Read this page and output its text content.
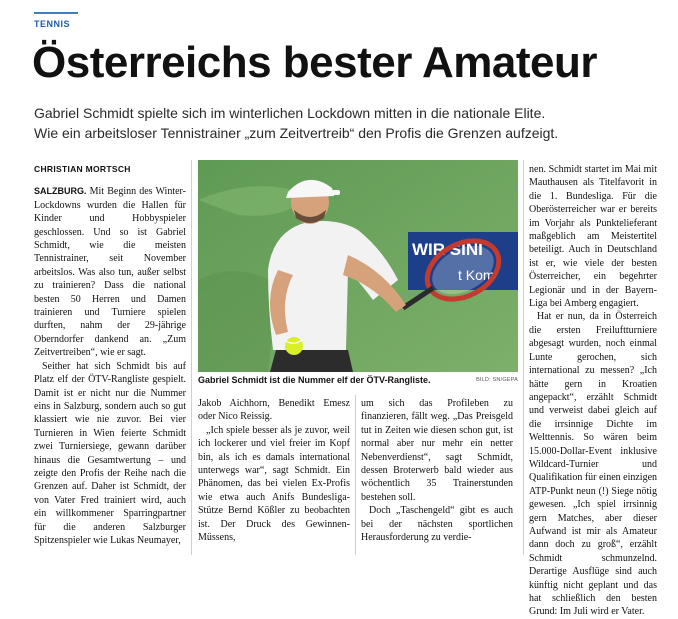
TENNIS
Österreichs bester Amateur
Gabriel Schmidt spielte sich im winterlichen Lockdown mitten in die nationale Elite.
Wie ein arbeitsloser Tennistrainer „zum Zeitvertreib“ den Profis die Grenzen aufzeigt.
CHRISTIAN MORTSCH

SALZBURG. Mit Beginn des Winter-Lockdowns wurden die Hallen für Kinder und Hobbyspieler geschlossen. Und so ist Gabriel Schmidt, wie die meisten Tennistrainer, seit November arbeitslos. Was also tun, außer selbst zu trainieren? Dass die national besten 50 Herren und Damen trainieren und Turniere spielen durften, nahm der 29-jährige Oberndorfer dankend an. „Zum Zeitvertreiben“, wie er sagt.

Seither hat sich Schmidt bis auf Platz elf der ÖTV-Rangliste gespielt. Damit ist er nicht nur die Nummer eins in Salzburg, sondern auch so gut klassiert wie nie zuvor. Bei vier Turnieren in Wien feierte Schmidt zwei Turniersiege, gewann darüber hinaus die Gesamtwertung – und zeigte den Profis der Reihe nach die Grenzen auf. Daher ist Schmidt, der von Vater Fred trainiert wird, auch ein willkommener Sparringpartner für die anderen Salzburger Spitzenspieler wie Lukas Neumayer,

WIR SINI
t Kom
Gabriel Schmidt ist die Nummer elf der ÖTV-Rangliste.	BILD: SN/GEPA

Jakob Aichhorn, Benedikt Emesz oder Nico Reissig.

„Ich spiele besser als je zuvor, weil ich lockerer und viel freier im Kopf bin, als ich es damals international unterwegs war“, sagt Schmidt. Ein Phänomen, das bei vielen Ex-Profis wie etwa auch Anifs Bundesliga-Stütze Bernd Kößler zu beobachten ist. Der Druck des Gewinnen-Müssens,

um sich das Profileben zu finanzieren, fällt weg. „Das Preisgeld tut in Zeiten wie diesen schon gut, ist normal aber nur mehr ein netter Nebenverdienst“, sagt Schmidt, dessen Broterwerb bald wieder aus wöchentlich 35 Trainerstunden bestehen soll.

Doch „Taschengeld“ gibt es auch bei der nächsten sportlichen Herausforderung zu verdie-

nen. Schmidt startet im Mai mit Mauthausen als Titelfavorit in die 1. Bundesliga. Für die Oberösterreicher war er bereits im Vorjahr als Punktelieferant maßgeblich am Meistertitel beteiligt. Auch in Deutschland ist er, wie viele der besten Österreicher, ein begehrter Legionär und in der Bayern-Liga bei Amberg engagiert.

Hat er nun, da in Österreich die ersten Freiluftturniere abgesagt wurden, noch einmal Lunte gerochen, sich international zu messen? „Ich hätte gern in Kroatien angepackt“, erzählt Schmidt und verweist dabei gleich auf die irrsinnige Dichte im Welttennis. So wären beim 15.000-Dollar-Event inklusive Wildcard-Turnier und Qualifikation für einen einzigen ATP-Punkt neun (!) Siege nötig gewesen. „Ich spiel irrsinnig gern Matches, aber dieser Aufwand ist mir als Amateur dann doch zu groß“, erzählt Schmidt schmunzelnd. Derartige Ausflüge sind auch künftig nicht geplant und das hat schließlich den besten Grund: Im Juli wird er Vater.
